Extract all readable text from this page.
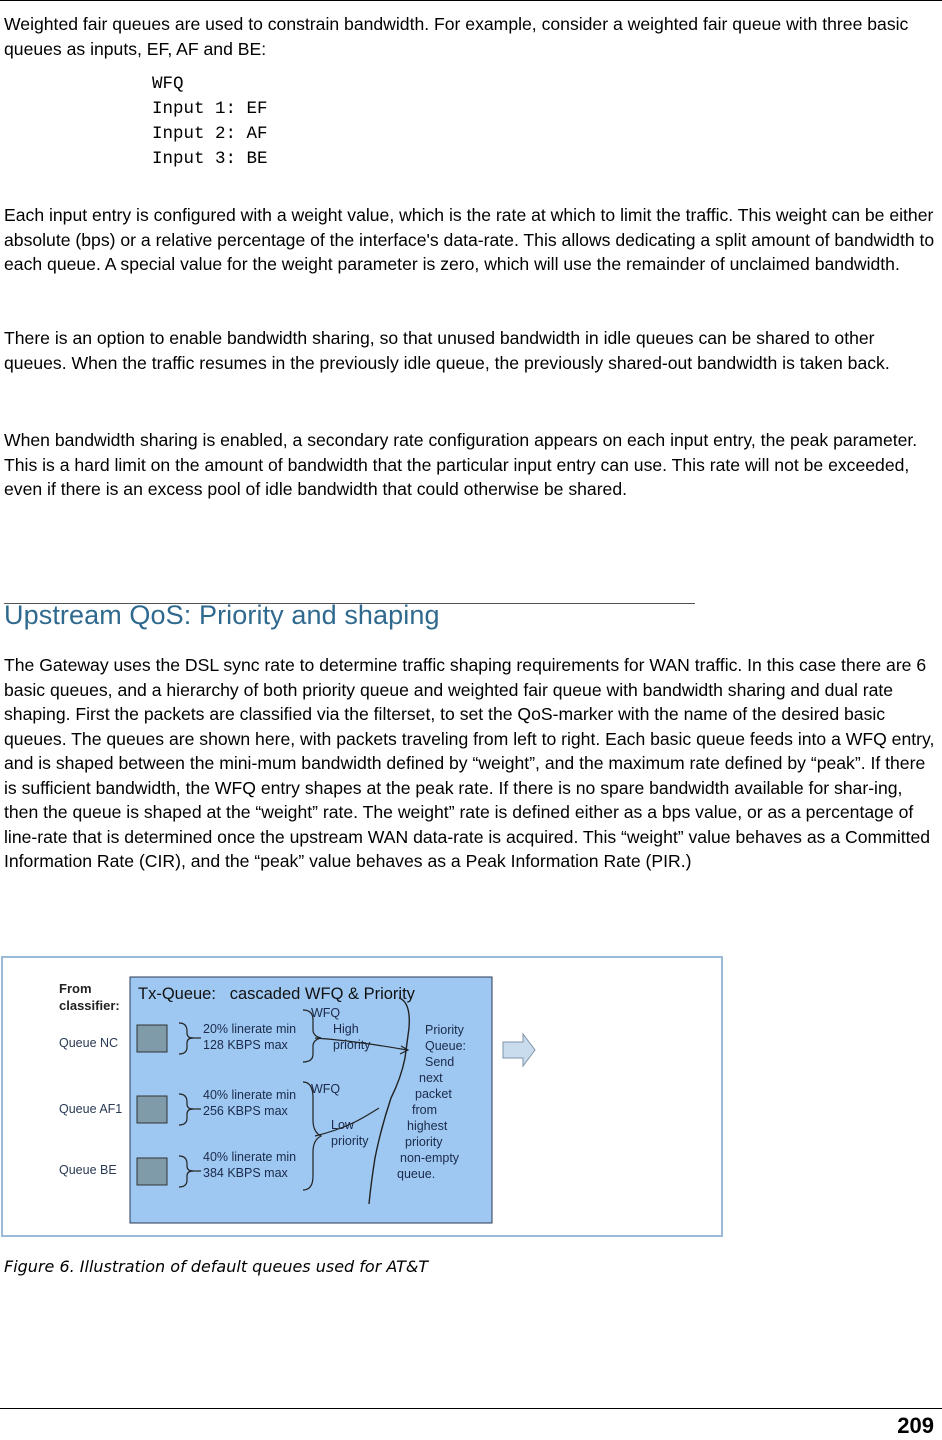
Weighted fair queues are used to constrain bandwidth. For example, consider a weighted fair queue with three basic queues as inputs, EF, AF and BE:

WFQ
Input 1: EF
Input 2: AF
Input 3: BE

Each input entry is configured with a weight value, which is the rate at which to limit the traffic. This weight can be either absolute (bps) or a relative percentage of the interface's data-rate. This allows dedicating a split amount of bandwidth to each queue. A special value for the weight parameter is zero, which will use the remainder of unclaimed bandwidth.

There is an option to enable bandwidth sharing, so that unused bandwidth in idle queues can be shared to other queues. When the traffic resumes in the previously idle queue, the previously shared-out bandwidth is taken back.

When bandwidth sharing is enabled, a secondary rate configuration appears on each input entry, the peak parameter. This is a hard limit on the amount of bandwidth that the particular input entry can use. This rate will not be exceeded, even if there is an excess pool of idle bandwidth that could otherwise be shared.

Upstream QoS: Priority and shaping

The Gateway uses the DSL sync rate to determine traffic shaping requirements for WAN traffic. In this case there are 6 basic queues, and a hierarchy of both priority queue and weighted fair queue with bandwidth sharing and dual rate shaping. First the packets are classified via the filterset, to set the QoS-marker with the name of the desired basic queues. The queues are shown here, with packets traveling from left to right. Each basic queue feeds into a WFQ entry, and is shaped between the mini-mum bandwidth defined by “weight”, and the maximum rate defined by “peak”. If there is sufficient bandwidth, the WFQ entry shapes at the peak rate. If there is no spare bandwidth available for shar-ing, then the queue is shaped at the “weight” rate. The weight” rate is defined either as a bps value, or as a percentage of line-rate that is determined once the upstream WAN data-rate is acquired. This “weight” value behaves as a Committed Information Rate (CIR), and the “peak” value behaves as a Peak Information Rate (PIR.)

From
classifier:
Queue NC
Queue AF1
Queue BE
Tx-Queue:   cascaded WFQ & Priority
20% linerate min
128 KBPS max
40% linerate min
256 KBPS max
40% linerate min
384 KBPS max
WFQ
High
priority
WFQ
Low
priority
Priority
Queue:
Send
next
packet
from
highest
priority
non-empty
queue.

Figure 6. Illustration of default queues used for AT&T

209
